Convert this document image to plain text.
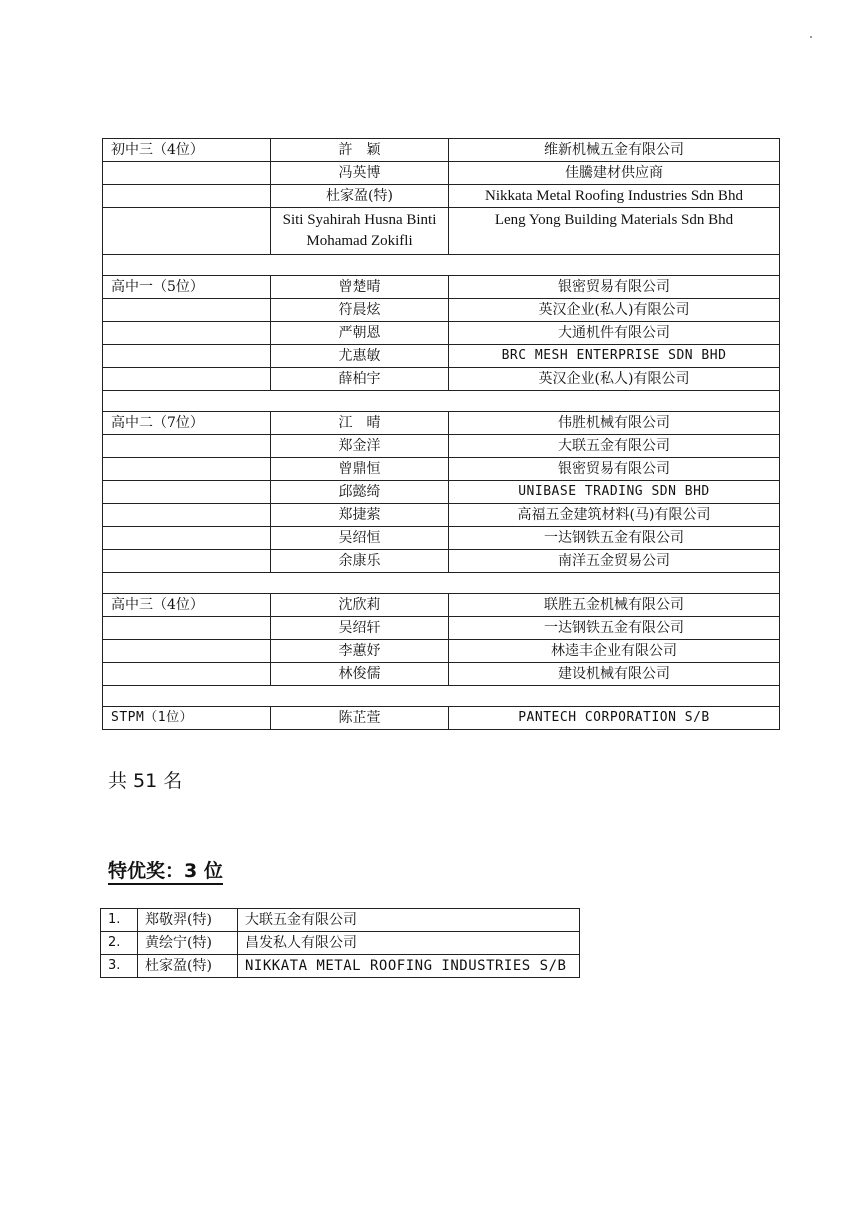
初中三（4位）	許　颖	维新机械五金有限公司
	冯英博	佳騰建材供应商
	杜家盈(特)	Nikkata Metal Roofing Industries Sdn Bhd
	Siti Syahirah Husna Binti Mohamad Zokifli	Leng Yong Building Materials Sdn Bhd

高中一（5位）	曾楚晴	银密贸易有限公司
	符晨炫	英汉企业(私人)有限公司
	严朝恩	大通机件有限公司
	尤惠敏	BRC MESH ENTERPRISE SDN BHD
	薛柏宇	英汉企业(私人)有限公司

高中二（7位）	江　晴	伟胜机械有限公司
	郑金洋	大联五金有限公司
	曾鼎恒	银密贸易有限公司
	邱懿绮	UNIBASE TRADING SDN BHD
	郑捷萦	高福五金建筑材料(马)有限公司
	吴绍恒	一达钢铁五金有限公司
	余康乐	南洋五金贸易公司

高中三（4位）	沈欣莉	联胜五金机械有限公司
	吴绍轩	一达钢铁五金有限公司
	李蕙妤	林逵丰企业有限公司
	林俊儒	建设机械有限公司

STPM（1位）	陈芷萱	PANTECH CORPORATION S/B
共 51 名
特优奖：3 位
1.	郑敬羿(特)	大联五金有限公司
2.	黄绘宁(特)	昌发私人有限公司
3.	杜家盈(特)	NIKKATA METAL ROOFING INDUSTRIES S/B
